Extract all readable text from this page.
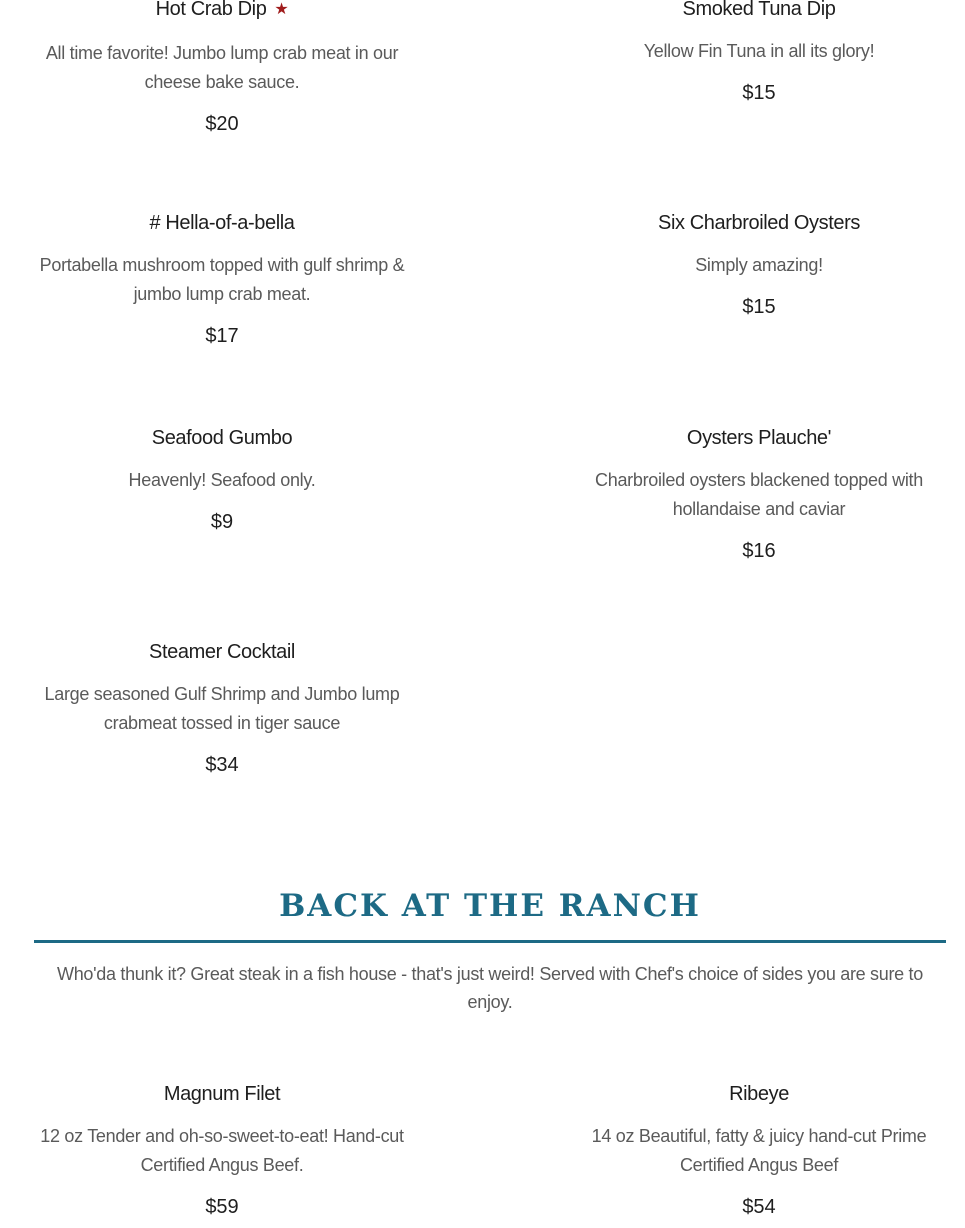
Hot Crab Dip ★
All time favorite! Jumbo lump crab meat in our cheese bake sauce.
$20
Smoked Tuna Dip
Yellow Fin Tuna in all its glory!
$15
# Hella-of-a-bella
Portabella mushroom topped with gulf shrimp & jumbo lump crab meat.
$17
Six Charbroiled Oysters
Simply amazing!
$15
Seafood Gumbo
Heavenly! Seafood only.
$9
Oysters Plauche'
Charbroiled oysters blackened topped with hollandaise and caviar
$16
Steamer Cocktail
Large seasoned Gulf Shrimp and Jumbo lump crabmeat tossed in tiger sauce
$34
BACK AT THE RANCH
Who'da thunk it? Great steak in a fish house - that's just weird! Served with Chef's choice of sides you are sure to enjoy.
Magnum Filet
12 oz Tender and oh-so-sweet-to-eat! Hand-cut Certified Angus Beef.
$59
Ribeye
14 oz Beautiful, fatty & juicy hand-cut Prime Certified Angus Beef
$54
